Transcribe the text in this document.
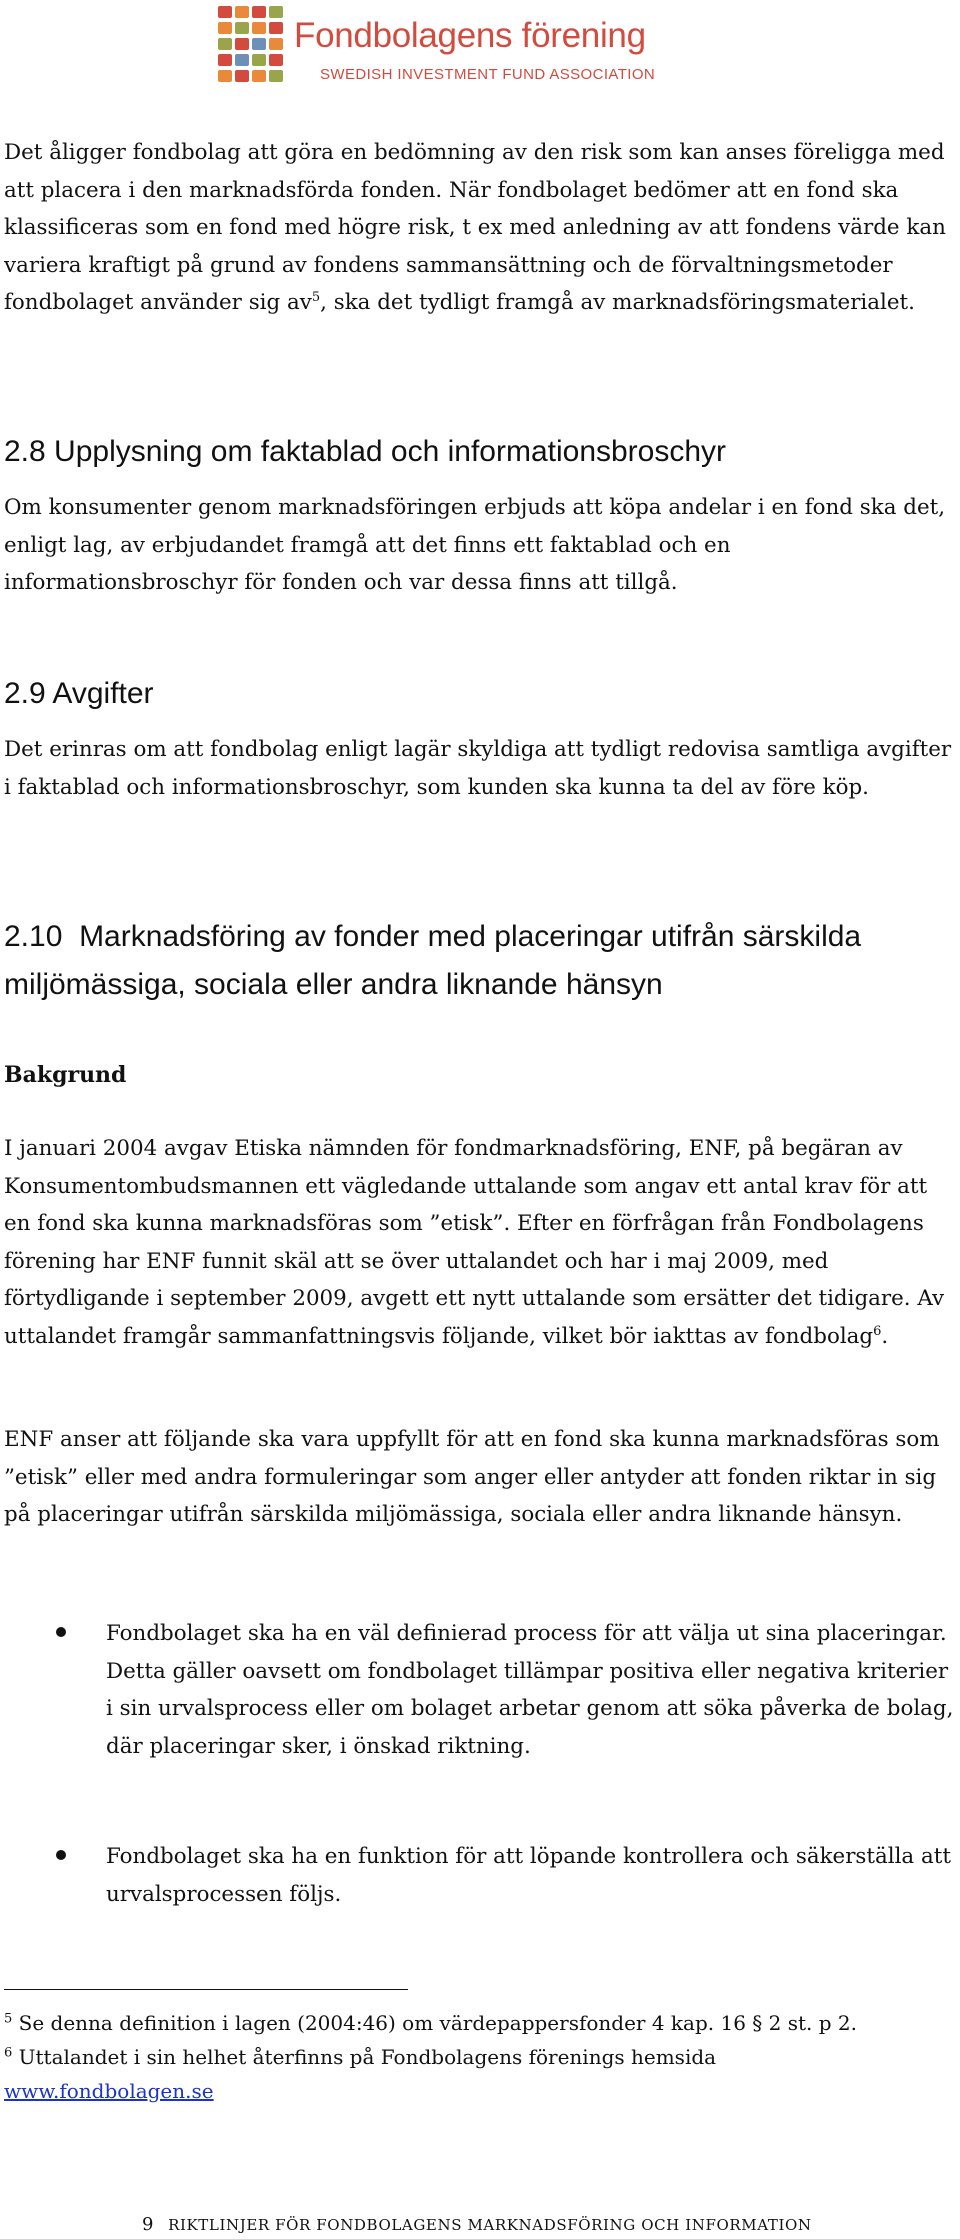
Fondbolagens förening
SWEDISH INVESTMENT FUND ASSOCIATION
Det åligger fondbolag att göra en bedömning av den risk som kan anses föreligga med att placera i den marknadsförda fonden. När fondbolaget bedömer att en fond ska klassificeras som en fond med högre risk, t ex med anledning av att fondens värde kan variera kraftigt på grund av fondens sammansättning och de förvaltningsmetoder fondbolaget använder sig $av^5$, ska det tydligt framgå av marknadsföringsmaterialet.
2.8 Upplysning om faktablad och informationsbroschyr
Om konsumenter genom marknadsföringen erbjuds att köpa andelar i en fond ska det, enligt lag, av erbjudandet framgå att det finns ett faktablad och en informationsbroschyr för fonden och var dessa finns att tillgå.
2.9 Avgifter
Det erinras om att fondbolag enligt lagär skyldiga att tydligt redovisa samtliga avgifter i faktablad och informationsbroschyr, som kunden ska kunna ta del av före köp.
2.10 Marknadsföring av fonder med placeringar utifrån särskilda miljömässiga, sociala eller andra liknande hänsyn
Bakgrund
I januari 2004 avgav Etiska nämnden för fondmarknadsföring, ENF, på begäran av Konsumentombudsmannen ett vägledande uttalande som angav ett antal krav för att en fond ska kunna marknadsföras som ”etisk”. Efter en förfrågan från Fondbolagens förening har ENF funnit skäl att se över uttalandet och har i maj 2009, med förtydligande i september 2009, avgett ett nytt uttalande som ersätter det tidigare. Av uttalandet framgår sammanfattningsvis följande, vilket bör iakttas av fondbolag$^6$.
ENF anser att följande ska vara uppfyllt för att en fond ska kunna marknadsföras som ”etisk” eller med andra formuleringar som anger eller antyder att fonden riktar in sig på placeringar utifrån särskilda miljömässiga, sociala eller andra liknande hänsyn.
Fondbolaget ska ha en väl definierad process för att välja ut sina placeringar. Detta gäller oavsett om fondbolaget tillämpar positiva eller negativa kriterier i sin urvalsprocess eller om bolaget arbetar genom att söka påverka de bolag, där placeringar sker, i önskad riktning.
Fondbolaget ska ha en funktion för att löpande kontrollera och säkerställa att urvalsprocessen följs.
$^5$ Se denna definition i lagen (2004:46) om värdepappersfonder 4 kap. 16 § 2 st. p 2.
$^6$ Uttalandet i sin helhet återfinns på Fondbolagens förenings hemsida
www.fondbolagen.se
9 RIKTLINJER FÖR FONDBOLAGENS MARKNADSFÖRING OCH INFORMATION
